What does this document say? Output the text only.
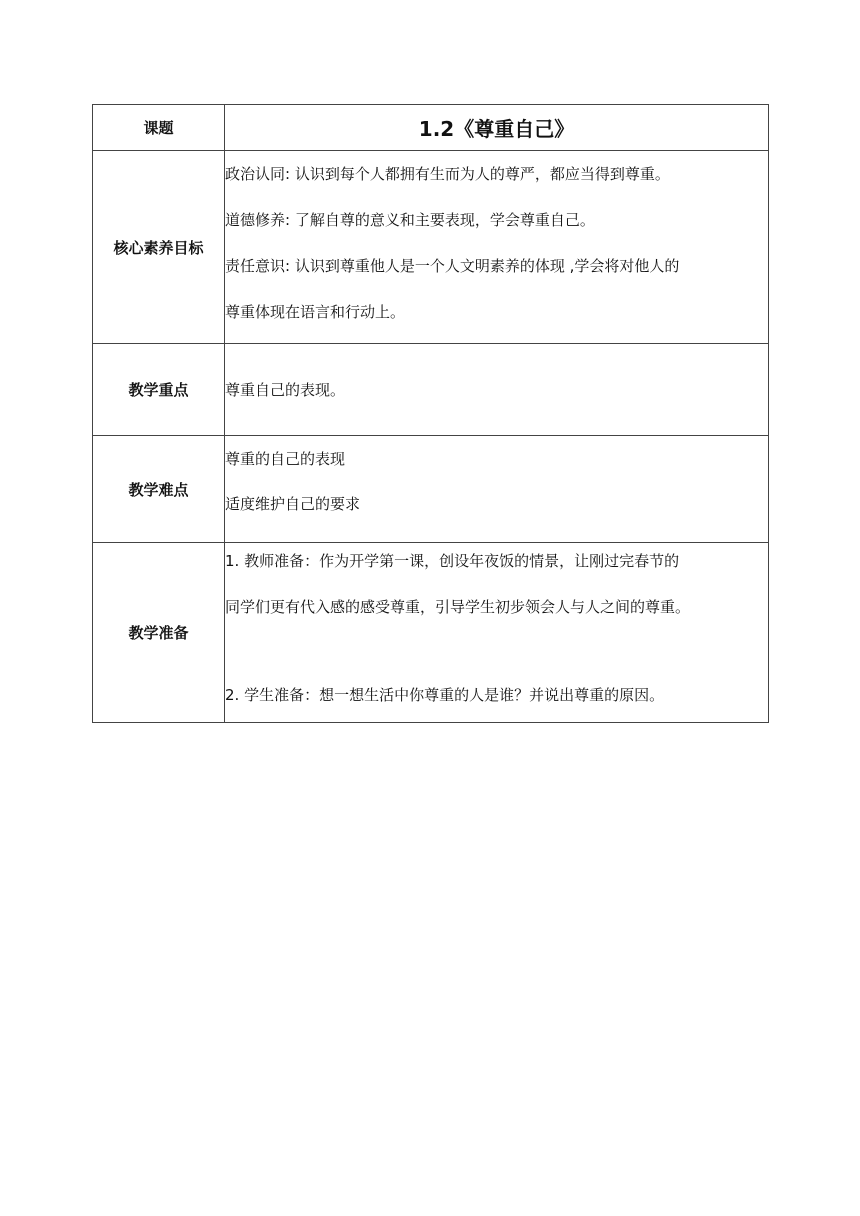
课题	1.2《尊重自己》
核心素养目标	政治认同: 认识到每个人都拥有生而为人的尊严，都应当得到尊重。
道德修养: 了解自尊的意义和主要表现，学会尊重自己。
责任意识: 认识到尊重他人是一个人文明素养的体现 ,学会将对他人的
尊重体现在语言和行动上。

教学重点	尊重自己的表现。
教学难点	尊重的自己的表现
适度维护自己的要求

教学准备	1. 教师准备：作为开学第一课，创设年夜饭的情景，让刚过完春节的
同学们更有代入感的感受尊重，引导学生初步领会人与人之间的尊重。
2. 学生准备：想一想生活中你尊重的人是谁？并说出尊重的原因。
